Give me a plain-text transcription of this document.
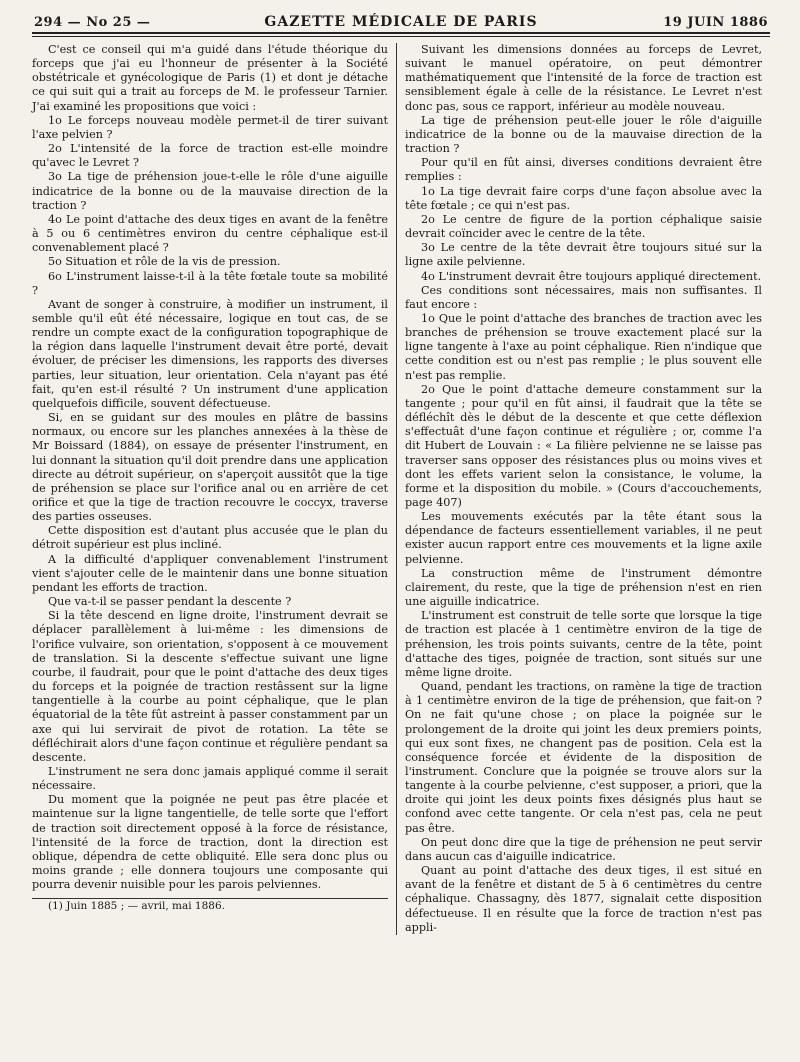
294 — No 25 —	GAZETTE MÉDICALE DE PARIS	19 JUIN 1886

C'est ce conseil qui m'a guidé dans l'étude théorique du forceps que j'ai eu l'honneur de présenter à la Société obstétricale et gynécologique de Paris (1) et dont je détache ce qui suit qui a trait au forceps de M. le professeur Tarnier. J'ai examiné les propositions que voici :

1o Le forceps nouveau modèle permet-il de tirer suivant l'axe pelvien ?

2o L'intensité de la force de traction est-elle moindre qu'avec le Levret ?

3o La tige de préhension joue-t-elle le rôle d'une aiguille indicatrice de la bonne ou de la mauvaise direction de la traction ?

4o Le point d'attache des deux tiges en avant de la fenêtre à 5 ou 6 centimètres environ du centre céphalique est-il convenablement placé ?

5o Situation et rôle de la vis de pression.

6o L'instrument laisse-t-il à la tête fœtale toute sa mobilité ?

Avant de songer à construire, à modifier un instrument, il semble qu'il eût été nécessaire, logique en tout cas, de se rendre un compte exact de la configuration topographique de la région dans laquelle l'instrument devait être porté, devait évoluer, de préciser les dimensions, les rapports des diverses parties, leur situation, leur orientation. Cela n'ayant pas été fait, qu'en est-il résulté ? Un instrument d'une application quelquefois difficile, souvent défectueuse.

Si, en se guidant sur des moules en plâtre de bassins normaux, ou encore sur les planches annexées à la thèse de Mr Boissard (1884), on essaye de présenter l'instrument, en lui donnant la situation qu'il doit prendre dans une application directe au détroit supérieur, on s'aperçoit aussitôt que la tige de préhension se place sur l'orifice anal ou en arrière de cet orifice et que la tige de traction recouvre le coccyx, traverse des parties osseuses.

Cette disposition est d'autant plus accusée que le plan du détroit supérieur est plus incliné.

A la difficulté d'appliquer convenablement l'instrument vient s'ajouter celle de le maintenir dans une bonne situation pendant les efforts de traction.

Que va-t-il se passer pendant la descente ?

Si la tête descend en ligne droite, l'instrument devrait se déplacer parallèlement à lui-même : les dimensions de l'orifice vulvaire, son orientation, s'opposent à ce mouvement de translation. Si la descente s'effectue suivant une ligne courbe, il faudrait, pour que le point d'attache des deux tiges du forceps et la poignée de traction restâssent sur la ligne tangentielle à la courbe au point céphalique, que le plan équatorial de la tête fût astreint à passer constamment par un axe qui lui servirait de pivot de rotation. La tête se défléchirait alors d'une façon continue et régulière pendant sa descente.

L'instrument ne sera donc jamais appliqué comme il serait nécessaire.

Du moment que la poignée ne peut pas être placée et maintenue sur la ligne tangentielle, de telle sorte que l'effort de traction soit directement opposé à la force de résistance, l'intensité de la force de traction, dont la direction est oblique, dépendra de cette obliquité. Elle sera donc plus ou moins grande ; elle donnera toujours une composante qui pourra devenir nuisible pour les parois pelviennes.

(1) Juin 1885 ; — avril, mai 1886.

Suivant les dimensions données au forceps de Levret, suivant le manuel opératoire, on peut démontrer mathématiquement que l'intensité de la force de traction est sensiblement égale à celle de la résistance. Le Levret n'est donc pas, sous ce rapport, inférieur au modèle nouveau.

La tige de préhension peut-elle jouer le rôle d'aiguille indicatrice de la bonne ou de la mauvaise direction de la traction ?

Pour qu'il en fût ainsi, diverses conditions devraient être remplies :

1o La tige devrait faire corps d'une façon absolue avec la tête fœtale ; ce qui n'est pas.

2o Le centre de figure de la portion céphalique saisie devrait coïncider avec le centre de la tête.

3o Le centre de la tête devrait être toujours situé sur la ligne axile pelvienne.

4o L'instrument devrait être toujours appliqué directement.

Ces conditions sont nécessaires, mais non suffisantes. Il faut encore :

1o Que le point d'attache des branches de traction avec les branches de préhension se trouve exactement placé sur la ligne tangente à l'axe au point céphalique. Rien n'indique que cette condition est ou n'est pas remplie ; le plus souvent elle n'est pas remplie.

2o Que le point d'attache demeure constamment sur la tangente ; pour qu'il en fût ainsi, il faudrait que la tête se défléchît dès le début de la descente et que cette déflexion s'effectuât d'une façon continue et régulière ; or, comme l'a dit Hubert de Louvain : « La filière pelvienne ne se laisse pas traverser sans opposer des résistances plus ou moins vives et dont les effets varient selon la consistance, le volume, la forme et la disposition du mobile. » (Cours d'accouchements, page 407)

Les mouvements exécutés par la tête étant sous la dépendance de facteurs essentiellement variables, il ne peut exister aucun rapport entre ces mouvements et la ligne axile pelvienne.

La construction même de l'instrument démontre clairement, du reste, que la tige de préhension n'est en rien une aiguille indicatrice.

L'instrument est construit de telle sorte que lorsque la tige de traction est placée à 1 centimètre environ de la tige de préhension, les trois points suivants, centre de la tête, point d'attache des tiges, poignée de traction, sont situés sur une même ligne droite.

Quand, pendant les tractions, on ramène la tige de traction à 1 centimètre environ de la tige de préhension, que fait-on ? On ne fait qu'une chose ; on place la poignée sur le prolongement de la droite qui joint les deux premiers points, qui eux sont fixes, ne changent pas de position. Cela est la conséquence forcée et évidente de la disposition de l'instrument. Conclure que la poignée se trouve alors sur la tangente à la courbe pelvienne, c'est supposer, a priori, que la droite qui joint les deux points fixes désignés plus haut se confond avec cette tangente. Or cela n'est pas, cela ne peut pas être.

On peut donc dire que la tige de préhension ne peut servir dans aucun cas d'aiguille indicatrice.

Quant au point d'attache des deux tiges, il est situé en avant de la fenêtre et distant de 5 à 6 centimètres du centre céphalique. Chassagny, dès 1877, signalait cette disposition défectueuse. Il en résulte que la force de traction n'est pas appli-
